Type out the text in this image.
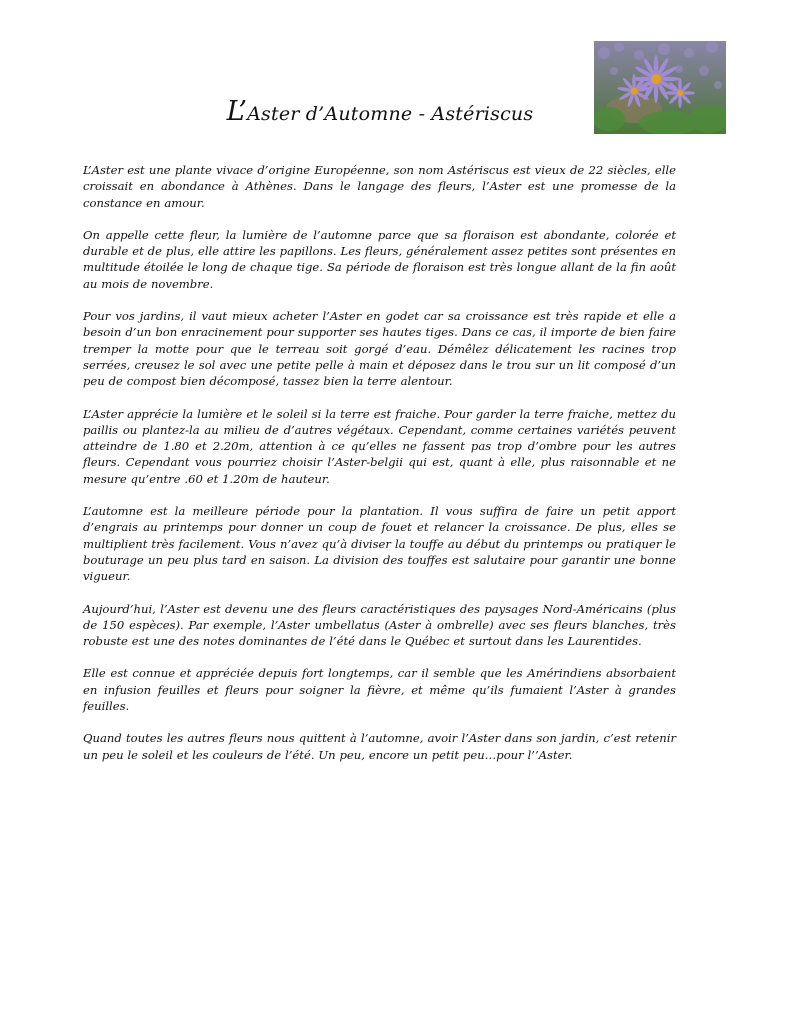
L’Aster d’Automne - Astériscus

L’Aster est une plante vivace d’origine Européenne, son nom Astériscus est vieux de 22 siècles, elle croissait en abondance à Athènes. Dans le langage des fleurs, l’Aster est une promesse de la constance en amour.

On appelle cette fleur, la lumière de l’automne parce que sa floraison est abondante, colorée et durable et de plus, elle attire les papillons. Les fleurs, généralement assez petites sont présentes en multitude étoilée le long de chaque tige. Sa période de floraison est très longue allant de la fin août au mois de novembre.

Pour vos jardins, il vaut mieux acheter l’Aster en godet car sa croissance est très rapide et elle a besoin d’un bon enracinement pour supporter ses hautes tiges. Dans ce cas, il importe de bien faire tremper la motte pour que le terreau soit gorgé d’eau. Démêlez délicatement les racines trop serrées, creusez le sol avec une petite pelle à main et déposez dans le trou sur un lit composé d’un peu de compost bien décomposé, tassez bien la terre alentour.

L’Aster apprécie la lumière et le soleil si la terre est fraiche. Pour garder la terre fraiche, mettez du paillis ou plantez-la au milieu de d’autres végétaux. Cependant, comme certaines variétés peuvent atteindre de 1.80 et 2.20m, attention à ce qu’elles ne fassent pas trop d’ombre pour les autres fleurs. Cependant vous pourriez choisir l’Aster-belgii qui est, quant à elle, plus raisonnable et ne mesure qu’entre .60 et 1.20m de hauteur.

L’automne est la meilleure période pour la plantation. Il vous suffira de faire un petit apport d’engrais au printemps pour donner un coup de fouet et relancer la croissance. De plus, elles se multiplient très facilement. Vous n’avez qu’à diviser la touffe au début du printemps ou pratiquer le bouturage un peu plus tard en saison. La division des touffes est salutaire pour garantir une bonne vigueur.

Aujourd’hui, l’Aster est devenu une des fleurs caractéristiques des paysages Nord-Américains (plus de 150 espèces). Par exemple, l’Aster umbellatus (Aster à ombrelle) avec ses fleurs blanches, très robuste est une des notes dominantes de l’été dans le Québec et surtout dans les Laurentides.

Elle est connue et appréciée depuis fort longtemps, car il semble que les Amérindiens absorbaient en infusion feuilles et fleurs pour soigner la fièvre, et même qu’ils fumaient l’Aster à grandes feuilles.

Quand toutes les autres fleurs nous quittent à l’automne, avoir l’Aster dans son jardin, c’est retenir un peu le soleil et les couleurs de l’été. Un peu, encore un petit peu…pour l’’Aster.
